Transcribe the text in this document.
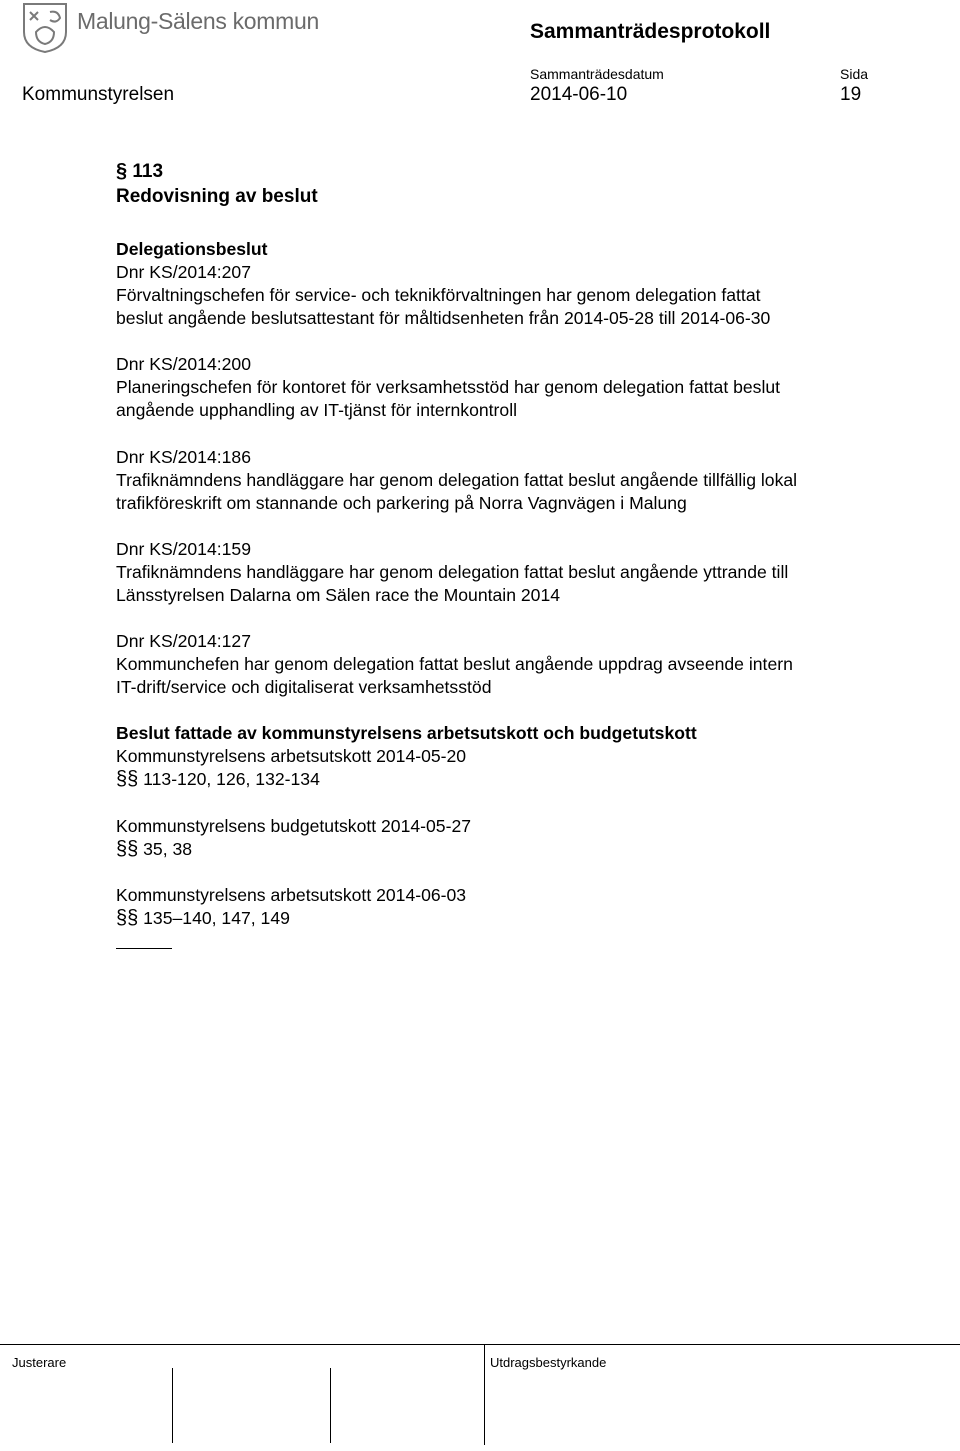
Malung-Sälens kommun	Sammanträdesprotokoll
Sammanträdesdatum	Sida
Kommunstyrelsen	2014-06-10	19
§ 113
Redovisning av beslut
Delegationsbeslut
Dnr KS/2014:207
Förvaltningschefen för service- och teknikförvaltningen har genom delegation fattat
beslut angående beslutsattestant för måltidsenheten från 2014-05-28 till 2014-06-30
Dnr KS/2014:200
Planeringschefen för kontoret för verksamhetsstöd har genom delegation fattat beslut
angående upphandling av IT-tjänst för internkontroll
Dnr KS/2014:186
Trafiknämndens handläggare har genom delegation fattat beslut angående tillfällig lokal
trafikföreskrift om stannande och parkering på Norra Vagnvägen i Malung
Dnr KS/2014:159
Trafiknämndens handläggare har genom delegation fattat beslut angående yttrande till
Länsstyrelsen Dalarna om Sälen race the Mountain 2014
Dnr KS/2014:127
Kommunchefen har genom delegation fattat beslut angående uppdrag avseende intern
IT-drift/service och digitaliserat verksamhetsstöd
Beslut fattade av kommunstyrelsens arbetsutskott och budgetutskott
Kommunstyrelsens arbetsutskott 2014-05-20
§§ 113-120, 126, 132-134
Kommunstyrelsens budgetutskott 2014-05-27
§§ 35, 38
Kommunstyrelsens arbetsutskott 2014-06-03
§§ 135–140, 147, 149
Justerare	Utdragsbestyrkande
